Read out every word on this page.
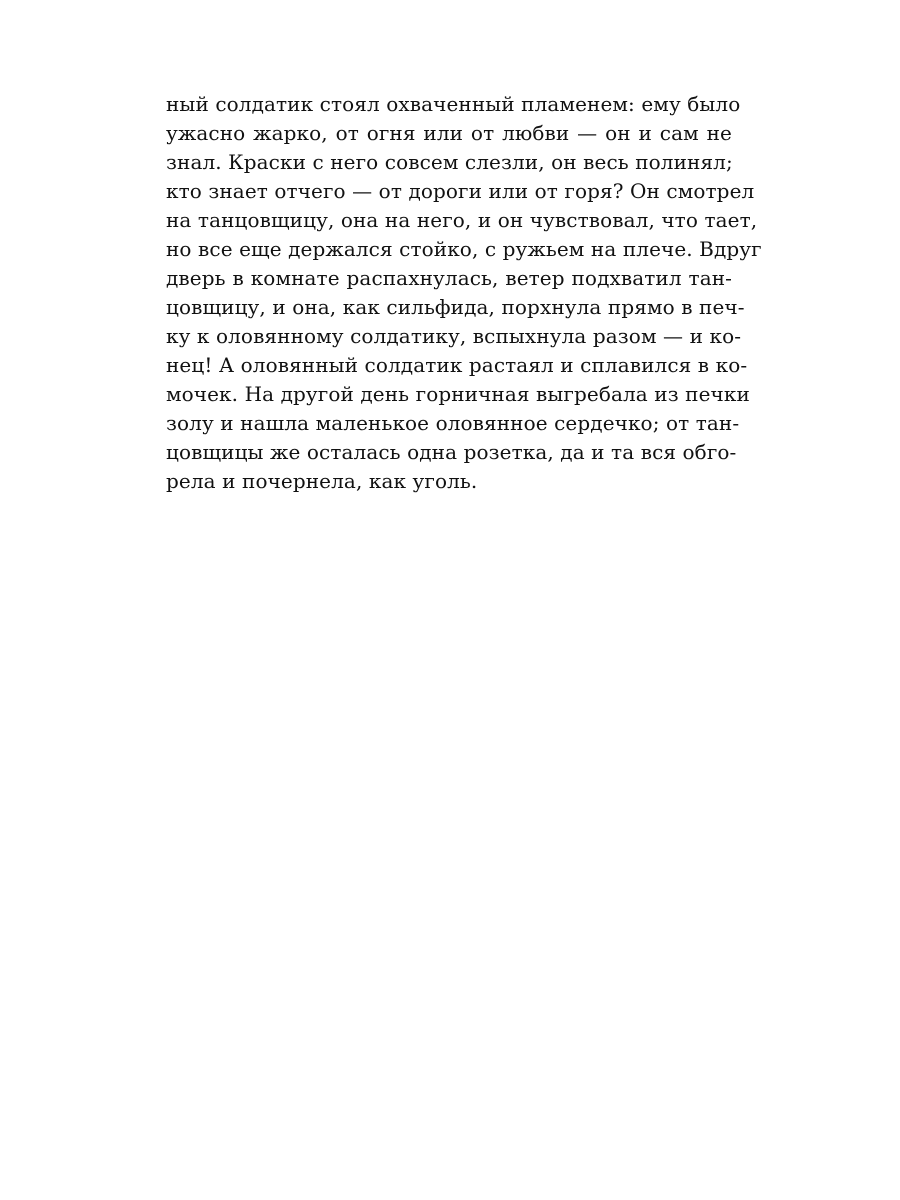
ный солдатик стоял охваченный пламенем: ему было
ужасно жарко, от огня или от любви — он и сам не
знал. Краски с него совсем слезли, он весь полинял;
кто знает отчего — от дороги или от горя? Он смотрел
на танцовщицу, она на него, и он чувствовал, что тает,
но все еще держался стойко, с ружьем на плече. Вдруг
дверь в комнате распахнулась, ветер подхватил тан-
цовщицу, и она, как сильфида, порхнула прямо в печ-
ку к оловянному солдатику, вспыхнула разом — и ко-
нец! А оловянный солдатик растаял и сплавился в ко-
мочек. На другой день горничная выгребала из печки
золу и нашла маленькое оловянное сердечко; от тан-
цовщицы же осталась одна розетка, да и та вся обго-
рела и почернела, как уголь.
